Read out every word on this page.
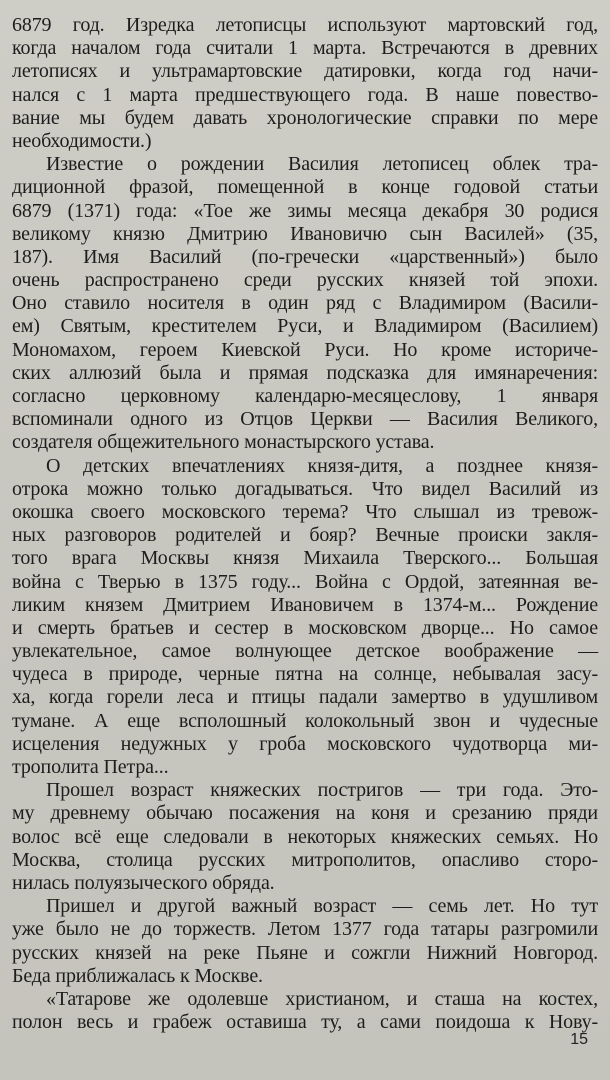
6879 год. Изредка летописцы используют мартовский год,
когда началом года считали 1 марта. Встречаются в древних
летописях и ультрамартовские датировки, когда год начи-
нался с 1 марта предшествующего года. В наше повество-
вание мы будем давать хронологические справки по мере
необходимости.)
Известие о рождении Василия летописец облек тра-
диционной фразой, помещенной в конце годовой статьи
6879 (1371) года: «Тое же зимы месяца декабря 30 родися
великому князю Дмитрию Ивановичю сын Василей» (35,
187). Имя Василий (по-гречески «царственный») было
очень распространено среди русских князей той эпохи.
Оно ставило носителя в один ряд с Владимиром (Васили-
ем) Святым, крестителем Руси, и Владимиром (Василием)
Мономахом, героем Киевской Руси. Но кроме историче-
ских аллюзий была и прямая подсказка для имянаречения:
согласно церковному календарю-месяцеслову, 1 января
вспоминали одного из Отцов Церкви — Василия Великого,
создателя общежительного монастырского устава.
О детских впечатлениях князя-дитя, а позднее князя-
отрока можно только догадываться. Что видел Василий из
окошка своего московского терема? Что слышал из тревож-
ных разговоров родителей и бояр? Вечные происки закля-
того врага Москвы князя Михаила Тверского... Большая
война с Тверью в 1375 году... Война с Ордой, затеянная ве-
ликим князем Дмитрием Ивановичем в 1374-м... Рождение
и смерть братьев и сестер в московском дворце... Но самое
увлекательное, самое волнующее детское воображение —
чудеса в природе, черные пятна на солнце, небывалая засу-
ха, когда горели леса и птицы падали замертво в удушливом
тумане. А еще всполошный колокольный звон и чудесные
исцеления недужных у гроба московского чудотворца ми-
трополита Петра...
Прошел возраст княжеских постригов — три года. Это-
му древнему обычаю посажения на коня и срезанию пряди
волос всё еще следовали в некоторых княжеских семьях. Но
Москва, столица русских митрополитов, опасливо сторо-
нилась полуязыческого обряда.
Пришел и другой важный возраст — семь лет. Но тут
уже было не до торжеств. Летом 1377 года татары разгромили
русских князей на реке Пьяне и сожгли Нижний Новгород.
Беда приближалась к Москве.
«Татарове же одолевше христианом, и сташа на костех,
полон весь и грабеж оставиша ту, а сами поидоша к Нову-
15
